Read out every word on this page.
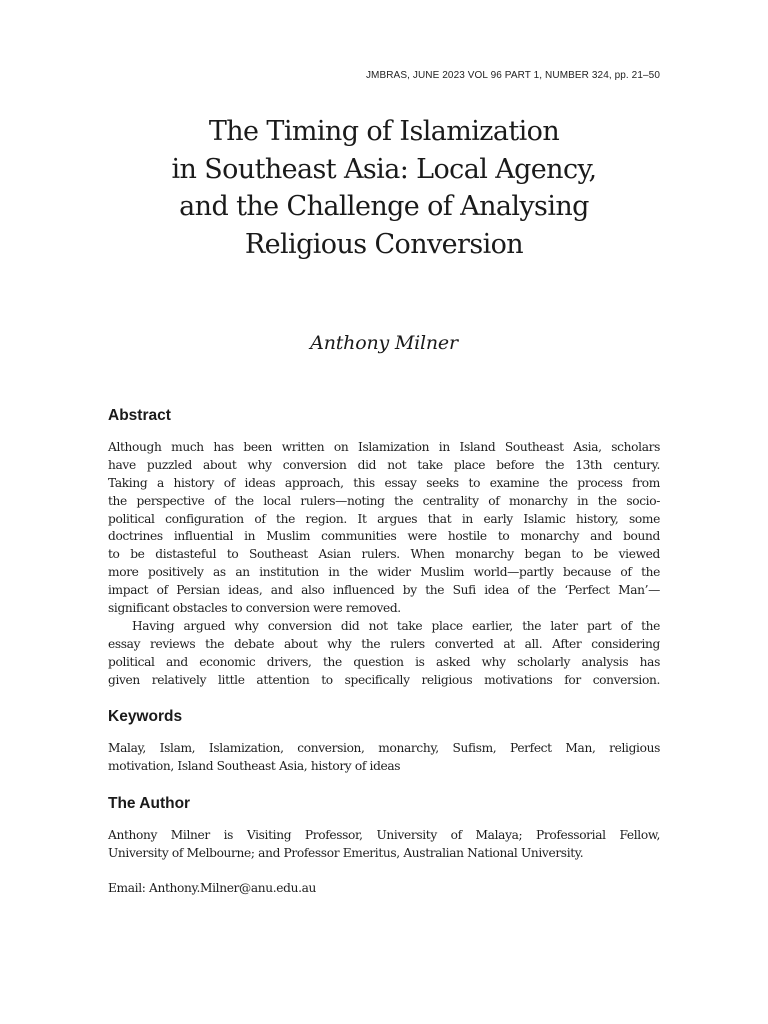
JMBRAS, JUNE 2023 VOL 96 PART 1, NUMBER 324, pp. 21–50
The Timing of Islamization
in Southeast Asia: Local Agency,
and the Challenge of Analysing
Religious Conversion
Anthony Milner
Abstract
Although much has been written on Islamization in Island Southeast Asia, scholars
have puzzled about why conversion did not take place before the 13th century.
Taking a history of ideas approach, this essay seeks to examine the process from
the perspective of the local rulers—noting the centrality of monarchy in the socio-
political configuration of the region. It argues that in early Islamic history, some
doctrines influential in Muslim communities were hostile to monarchy and bound
to be distasteful to Southeast Asian rulers. When monarchy began to be viewed
more positively as an institution in the wider Muslim world—partly because of the
impact of Persian ideas, and also influenced by the Sufi idea of the ‘Perfect Man’—
significant obstacles to conversion were removed.
Having argued why conversion did not take place earlier, the later part of the
essay reviews the debate about why the rulers converted at all. After considering
political and economic drivers, the question is asked why scholarly analysis has
given relatively little attention to specifically religious motivations for conversion.
Keywords
Malay, Islam, Islamization, conversion, monarchy, Sufism, Perfect Man, religious
motivation, Island Southeast Asia, history of ideas
The Author
Anthony Milner is Visiting Professor, University of Malaya; Professorial Fellow,
University of Melbourne; and Professor Emeritus, Australian National University.
Email: Anthony.Milner@anu.edu.au
